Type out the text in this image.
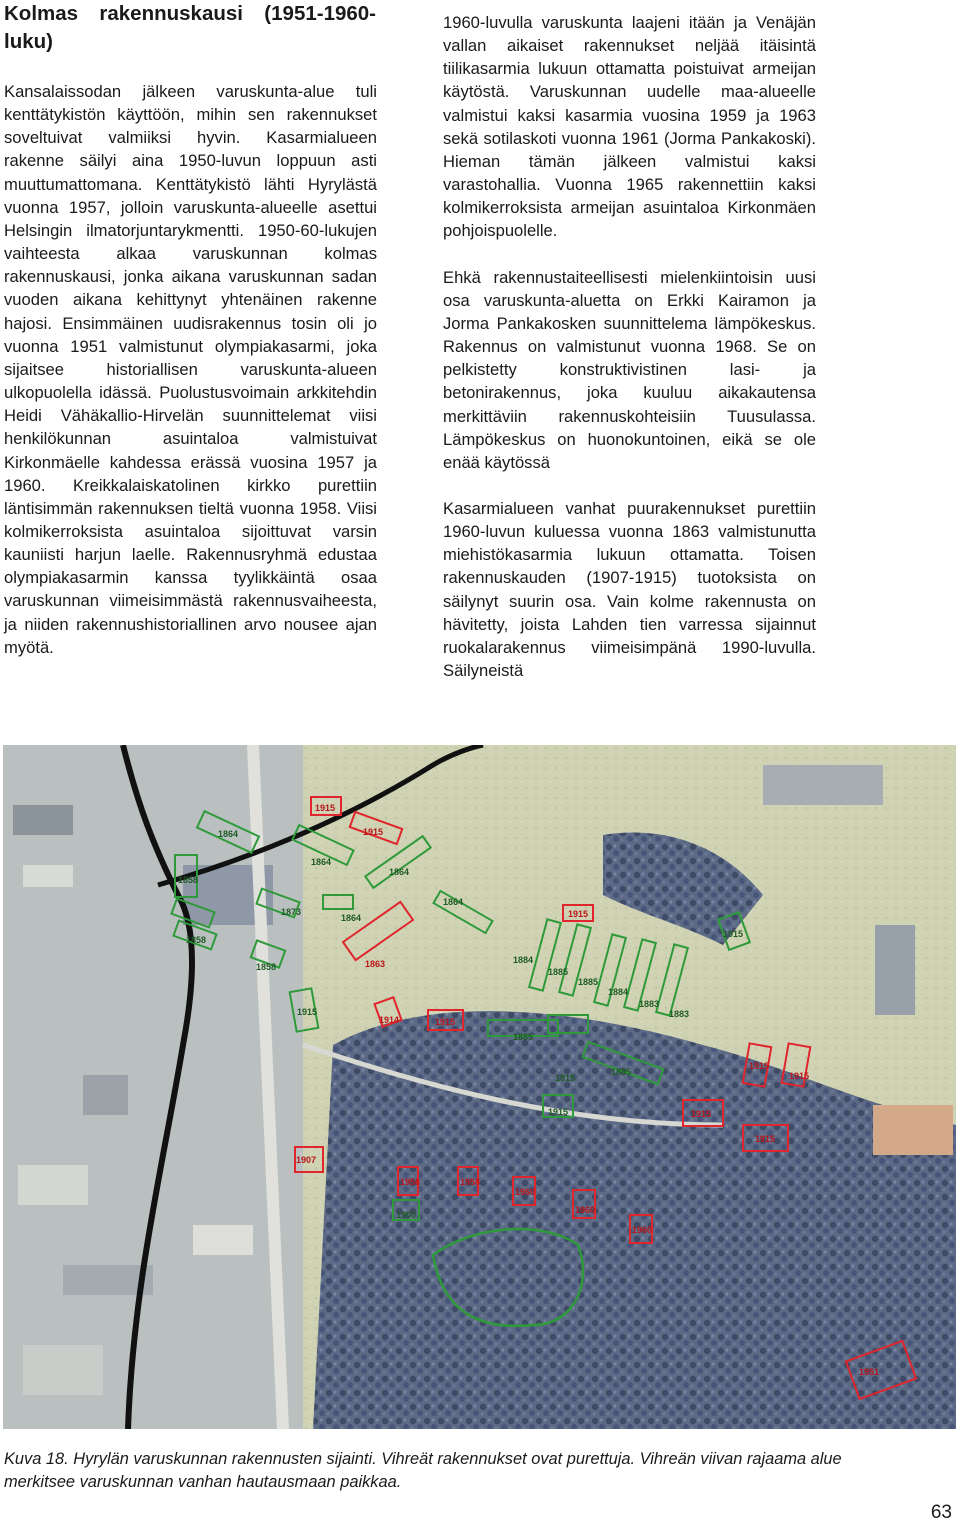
Kolmas rakennuskausi (1951-1960-luku)

Kansalaissodan jälkeen varuskunta-alue tuli kenttätykistön käyttöön, mihin sen rakennukset soveltuivat valmiiksi hyvin. Kasarmialueen rakenne säilyi aina 1950-luvun loppuun asti muuttumattomana. Kenttätykistö lähti Hyrylästä vuonna 1957, jolloin varuskunta-alueelle asettui Helsingin ilmatorjuntarykmentti. 1950-60-lukujen vaihteesta alkaa varuskunnan kolmas rakennuskausi, jonka aikana varuskunnan sadan vuoden aikana kehittynyt yhtenäinen rakenne hajosi. Ensimmäinen uudisrakennus tosin oli jo vuonna 1951 valmistunut olympiakasarmi, joka sijaitsee historiallisen varuskunta-alueen ulkopuolella idässä. Puolustusvoimain arkkitehdin Heidi Vähäkallio-Hirvelän suunnittelemat viisi henkilökunnan asuintaloa valmistuivat Kirkonmäelle kahdessa erässä vuosina 1957 ja 1960. Kreikkalaiskatolinen kirkko purettiin läntisimmän rakennuksen tieltä vuonna 1958. Viisi kolmikerroksista asuintaloa sijoittuvat varsin kauniisti harjun laelle. Rakennusryhmä edustaa olympiakasarmin kanssa tyylikkäintä osaa varuskunnan viimeisimmästä rakennusvaiheesta, ja niiden rakennushistoriallinen arvo nousee ajan myötä.

1960-luvulla varuskunta laajeni itään ja Venäjän vallan aikaiset rakennukset neljää itäisintä tiilikasarmia lukuun ottamatta poistuivat armeijan käytöstä. Varuskunnan uudelle maa-alueelle valmistui kaksi kasarmia vuosina 1959 ja 1963 sekä sotilaskoti vuonna 1961 (Jorma Pankakoski). Hieman tämän jälkeen valmistui kaksi varastohallia. Vuonna 1965 rakennettiin kaksi kolmikerroksista armeijan asuintaloa Kirkonmäen pohjoispuolelle.

Ehkä rakennustaiteellisesti mielenkiintoisin uusi osa varuskunta-aluetta on Erkki Kairamon ja Jorma Pankakosken suunnittelema lämpökeskus. Rakennus on valmistunut vuonna 1968. Se on pelkistetty konstruktivistinen lasi- ja betonirakennus, joka kuuluu aikakautensa merkittäviin rakennuskohteisiin Tuusulassa. Lämpökeskus on huonokuntoinen, eikä se ole enää käytössä

Kasarmialueen vanhat puurakennukset purettiin 1960-luvun kuluessa vuonna 1863 valmistunutta miehistökasarmia lukuun ottamatta. Toisen rakennuskauden (1907-1915) tuotoksista on säilynyt suurin osa. Vain kolme rakennusta on hävitetty, joista Lahden tien varressa sijainnut ruokalarakennus viimeisimpänä 1990-luvulla. Säilyneistä

1864
1864
1864
1864
1858
1873
1864
1858
1858
1915
1884
1885
1885
1884
1883
1883
1885
1915
1885
1915
1915
1900
1915
1915
1863
1915
1914	1915
1915
1915
1915
1915
1907
1958	1958
1960
1960
1960
1951
Kuva 18. Hyrylän varuskunnan rakennusten sijainti. Vihreät rakennukset ovat purettuja. Vihreän viivan rajaama alue merkitsee varuskunnan vanhan hautausmaan paikkaa.
63
